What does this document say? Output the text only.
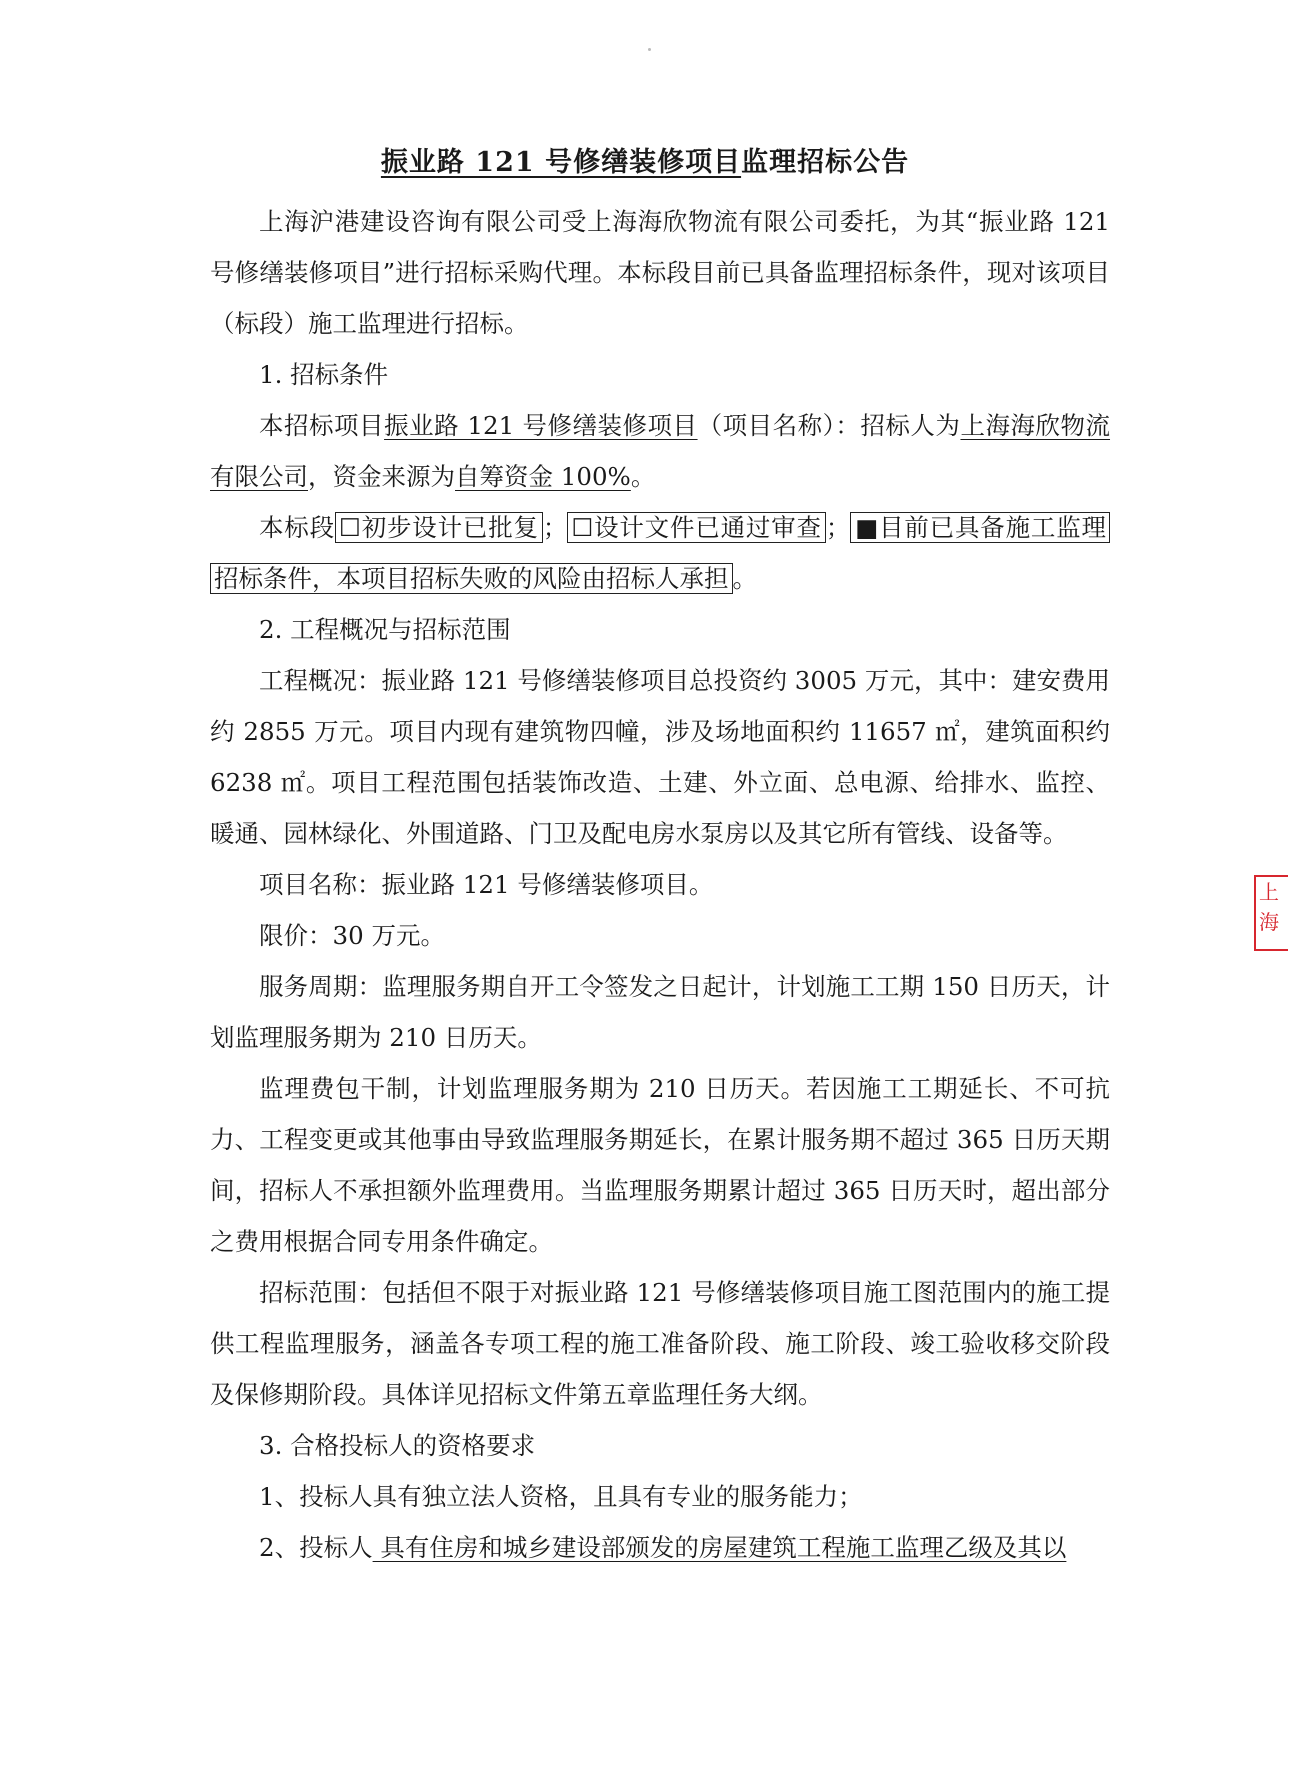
振业路 121 号修缮装修项目监理招标公告

上海沪港建设咨询有限公司受上海海欣物流有限公司委托，为其“振业路 121 号修缮装修项目”进行招标采购代理。本标段目前已具备监理招标条件，现对该项目（标段）施工监理进行招标。

1. 招标条件

本招标项目振业路 121 号修缮装修项目（项目名称）：招标人为上海海欣物流有限公司，资金来源为自筹资金 100%。

本标段 ☐初步设计已批复 ； ☐设计文件已通过审查 ； ■目前已具备施工监理招标条件，本项目招标失败的风险由招标人承担 。

2. 工程概况与招标范围

工程概况：振业路 121 号修缮装修项目总投资约 3005 万元，其中：建安费用约 2855 万元。项目内现有建筑物四幢，涉及场地面积约 11657 ㎡，建筑面积约 6238 ㎡。项目工程范围包括装饰改造、土建、外立面、总电源、给排水、监控、暖通、园林绿化、外围道路、门卫及配电房水泵房以及其它所有管线、设备等。

项目名称：振业路 121 号修缮装修项目。

限价：30 万元。

服务周期：监理服务期自开工令签发之日起计，计划施工工期 150 日历天，计划监理服务期为 210 日历天。

监理费包干制，计划监理服务期为 210 日历天。若因施工工期延长、不可抗力、工程变更或其他事由导致监理服务期延长，在累计服务期不超过 365 日历天期间，招标人不承担额外监理费用。当监理服务期累计超过 365 日历天时，超出部分之费用根据合同专用条件确定。

招标范围：包括但不限于对振业路 121 号修缮装修项目施工图范围内的施工提供工程监理服务，涵盖各专项工程的施工准备阶段、施工阶段、竣工验收移交阶段及保修期阶段。具体详见招标文件第五章监理任务大纲。

3. 合格投标人的资格要求

1、投标人具有独立法人资格，且具有专业的服务能力；

2、投标人 具有住房和城乡建设部颁发的房屋建筑工程施工监理乙级及其以

上海
